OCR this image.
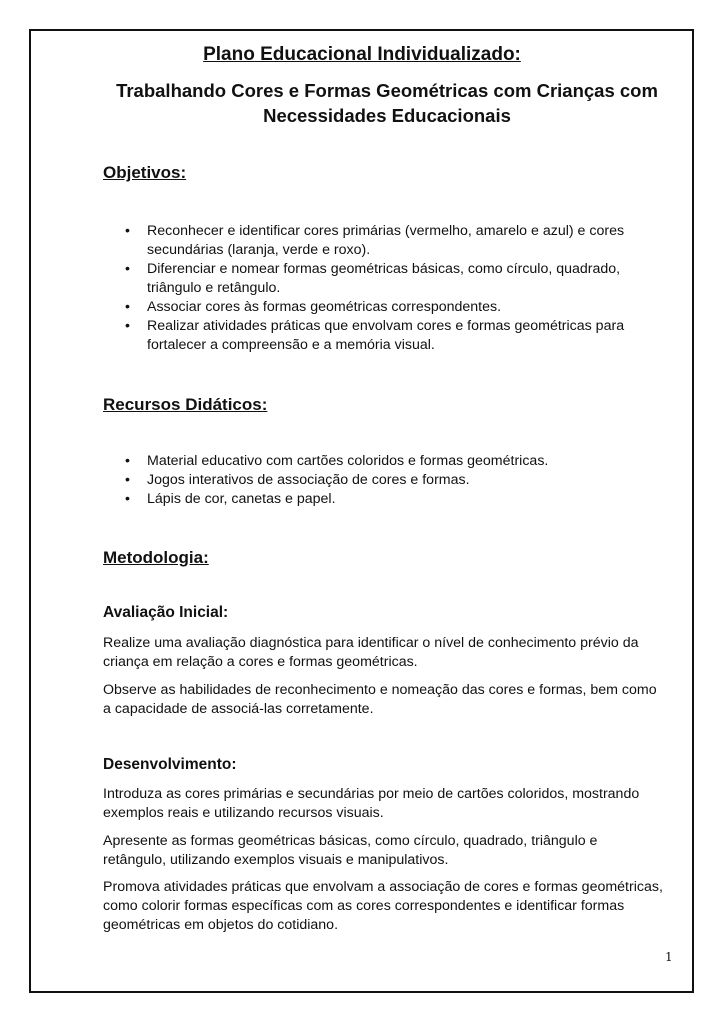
Plano Educacional Individualizado:
Trabalhando Cores e Formas Geométricas com Crianças com Necessidades Educacionais
Objetivos:
• Reconhecer e identificar cores primárias (vermelho, amarelo e azul) e cores secundárias (laranja, verde e roxo).
• Diferenciar e nomear formas geométricas básicas, como círculo, quadrado, triângulo e retângulo.
• Associar cores às formas geométricas correspondentes.
• Realizar atividades práticas que envolvam cores e formas geométricas para fortalecer a compreensão e a memória visual.
Recursos Didáticos:
• Material educativo com cartões coloridos e formas geométricas.
• Jogos interativos de associação de cores e formas.
• Lápis de cor, canetas e papel.
Metodologia:
Avaliação Inicial:

Realize uma avaliação diagnóstica para identificar o nível de conhecimento prévio da criança em relação a cores e formas geométricas.

Observe as habilidades de reconhecimento e nomeação das cores e formas, bem como a capacidade de associá-las corretamente.

Desenvolvimento:

Introduza as cores primárias e secundárias por meio de cartões coloridos, mostrando exemplos reais e utilizando recursos visuais.

Apresente as formas geométricas básicas, como círculo, quadrado, triângulo e retângulo, utilizando exemplos visuais e manipulativos.

Promova atividades práticas que envolvam a associação de cores e formas geométricas, como colorir formas específicas com as cores correspondentes e identificar formas geométricas em objetos do cotidiano.

1
